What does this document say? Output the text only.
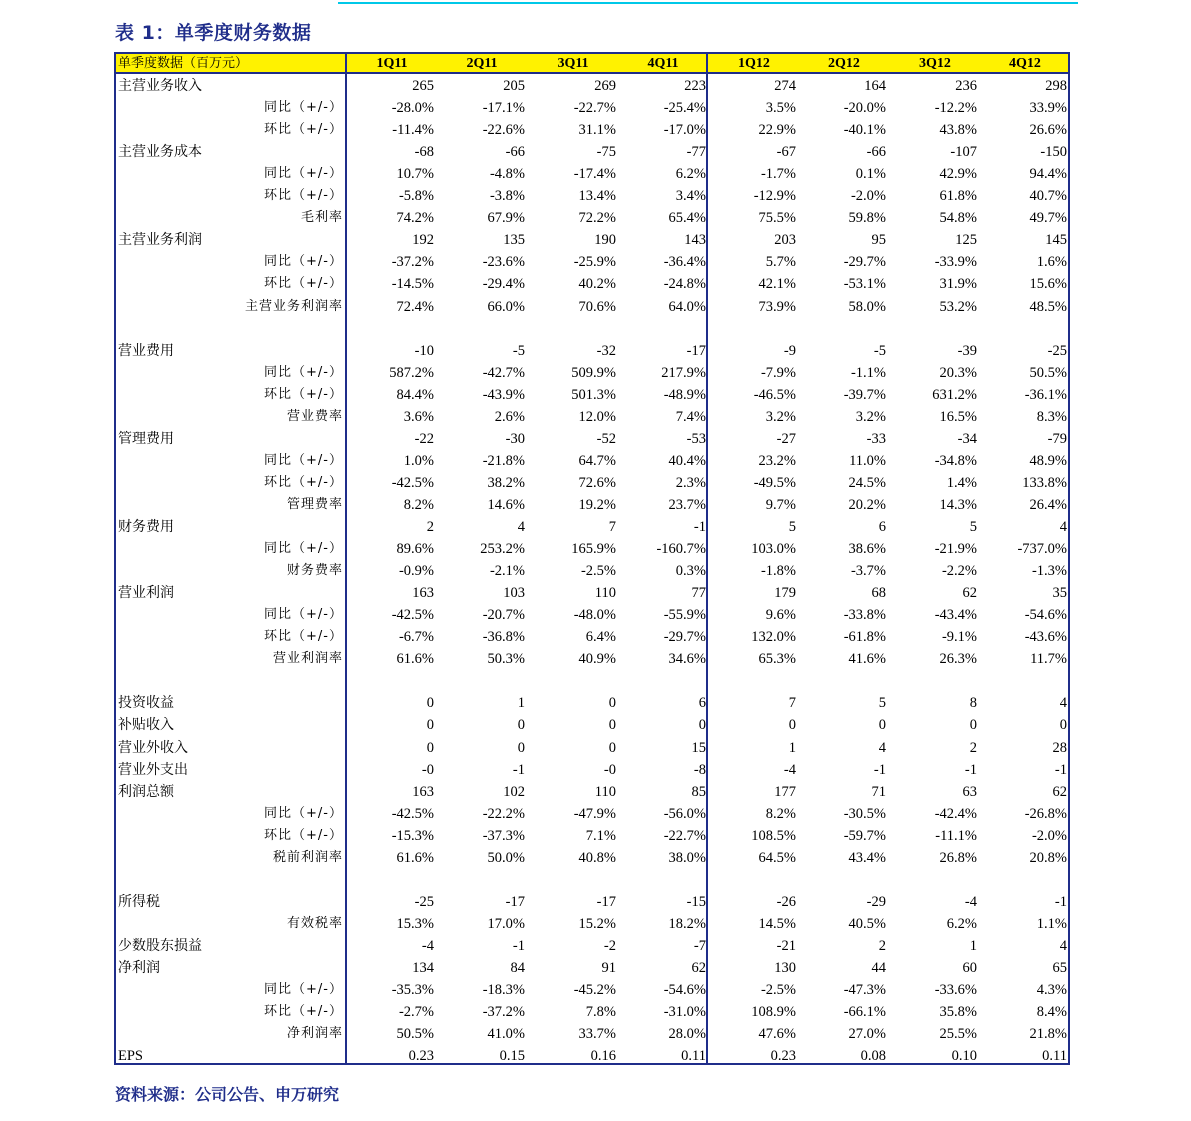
表 1：单季度财务数据
单季度数据（百万元）	1Q11	2Q11	3Q11	4Q11	1Q12	2Q12	3Q12	4Q12
主营业务收入	265	205	269	223	274	164	236	298
同比（+/-）	-28.0%	-17.1%	-22.7%	-25.4%	3.5%	-20.0%	-12.2%	33.9%
环比（+/-）	-11.4%	-22.6%	31.1%	-17.0%	22.9%	-40.1%	43.8%	26.6%
主营业务成本	-68	-66	-75	-77	-67	-66	-107	-150
同比（+/-）	10.7%	-4.8%	-17.4%	6.2%	-1.7%	0.1%	42.9%	94.4%
环比（+/-）	-5.8%	-3.8%	13.4%	3.4%	-12.9%	-2.0%	61.8%	40.7%
毛利率	74.2%	67.9%	72.2%	65.4%	75.5%	59.8%	54.8%	49.7%
主营业务利润	192	135	190	143	203	95	125	145
同比（+/-）	-37.2%	-23.6%	-25.9%	-36.4%	5.7%	-29.7%	-33.9%	1.6%
环比（+/-）	-14.5%	-29.4%	40.2%	-24.8%	42.1%	-53.1%	31.9%	15.6%
主营业务利润率	72.4%	66.0%	70.6%	64.0%	73.9%	58.0%	53.2%	48.5%
营业费用	-10	-5	-32	-17	-9	-5	-39	-25
同比（+/-）	587.2%	-42.7%	509.9%	217.9%	-7.9%	-1.1%	20.3%	50.5%
环比（+/-）	84.4%	-43.9%	501.3%	-48.9%	-46.5%	-39.7%	631.2%	-36.1%
营业费率	3.6%	2.6%	12.0%	7.4%	3.2%	3.2%	16.5%	8.3%
管理费用	-22	-30	-52	-53	-27	-33	-34	-79
同比（+/-）	1.0%	-21.8%	64.7%	40.4%	23.2%	11.0%	-34.8%	48.9%
环比（+/-）	-42.5%	38.2%	72.6%	2.3%	-49.5%	24.5%	1.4%	133.8%
管理费率	8.2%	14.6%	19.2%	23.7%	9.7%	20.2%	14.3%	26.4%
财务费用	2	4	7	-1	5	6	5	4
同比（+/-）	89.6%	253.2%	165.9%	-160.7%	103.0%	38.6%	-21.9%	-737.0%
财务费率	-0.9%	-2.1%	-2.5%	0.3%	-1.8%	-3.7%	-2.2%	-1.3%
营业利润	163	103	110	77	179	68	62	35
同比（+/-）	-42.5%	-20.7%	-48.0%	-55.9%	9.6%	-33.8%	-43.4%	-54.6%
环比（+/-）	-6.7%	-36.8%	6.4%	-29.7%	132.0%	-61.8%	-9.1%	-43.6%
营业利润率	61.6%	50.3%	40.9%	34.6%	65.3%	41.6%	26.3%	11.7%
投资收益	0	1	0	6	7	5	8	4
补贴收入	0	0	0	0	0	0	0	0
营业外收入	0	0	0	15	1	4	2	28
营业外支出	-0	-1	-0	-8	-4	-1	-1	-1
利润总额	163	102	110	85	177	71	63	62
同比（+/-）	-42.5%	-22.2%	-47.9%	-56.0%	8.2%	-30.5%	-42.4%	-26.8%
环比（+/-）	-15.3%	-37.3%	7.1%	-22.7%	108.5%	-59.7%	-11.1%	-2.0%
税前利润率	61.6%	50.0%	40.8%	38.0%	64.5%	43.4%	26.8%	20.8%
所得税	-25	-17	-17	-15	-26	-29	-4	-1
有效税率	15.3%	17.0%	15.2%	18.2%	14.5%	40.5%	6.2%	1.1%
少数股东损益	-4	-1	-2	-7	-21	2	1	4
净利润	134	84	91	62	130	44	60	65
同比（+/-）	-35.3%	-18.3%	-45.2%	-54.6%	-2.5%	-47.3%	-33.6%	4.3%
环比（+/-）	-2.7%	-37.2%	7.8%	-31.0%	108.9%	-66.1%	35.8%	8.4%
净利润率	50.5%	41.0%	33.7%	28.0%	47.6%	27.0%	25.5%	21.8%
EPS	0.23	0.15	0.16	0.11	0.23	0.08	0.10	0.11
资料来源：公司公告、申万研究
